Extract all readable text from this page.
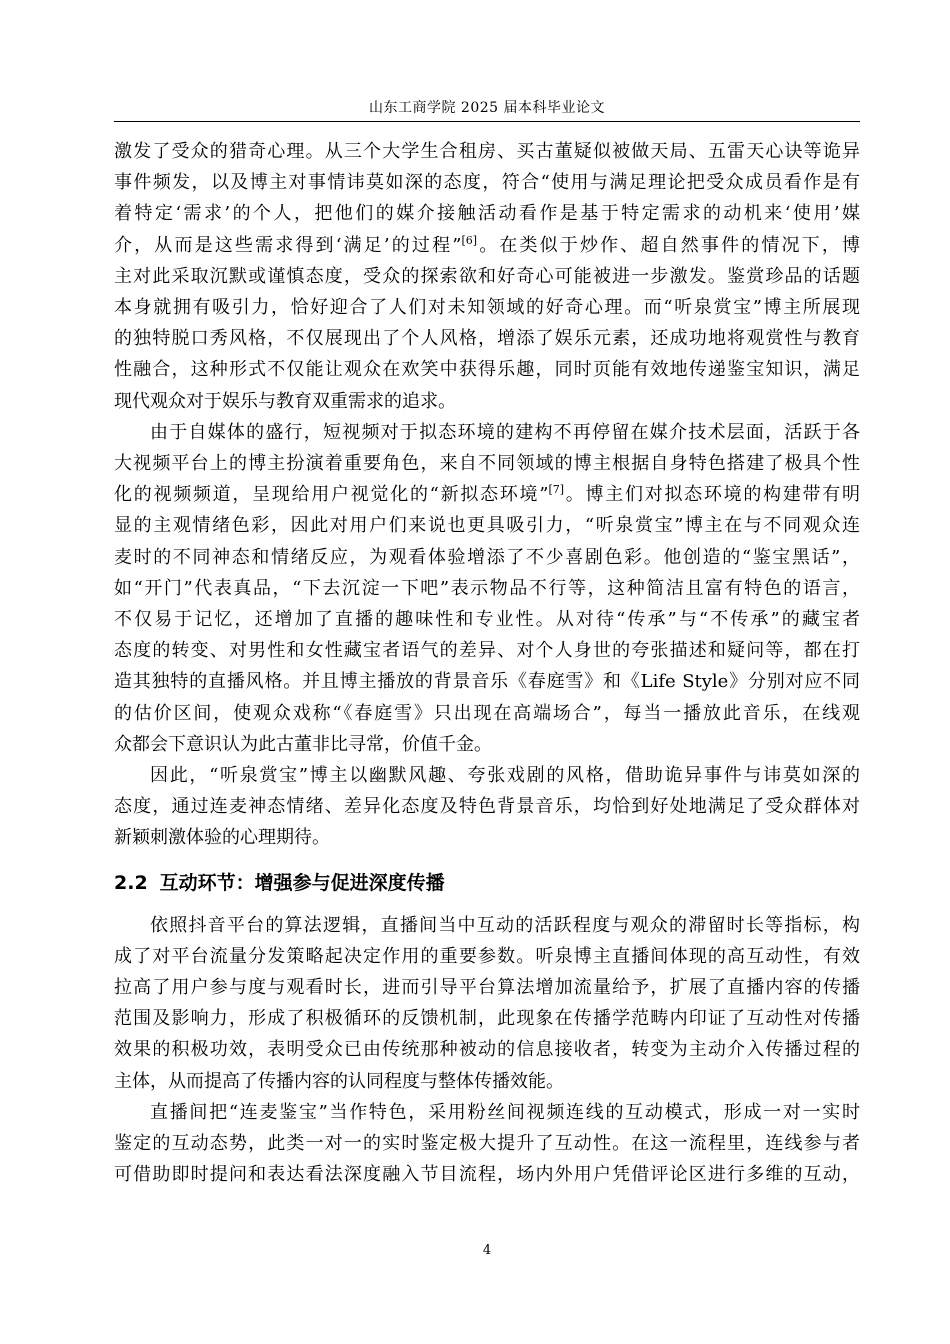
山东工商学院 2025 届本科毕业论文

激发了受众的猎奇心理。从三个大学生合租房、买古董疑似被做天局、五雷天心诀等诡异
事件频发，以及博主对事情讳莫如深的态度，符合“使用与满足理论把受众成员看作是有
着特定‘需求’的个人，把他们的媒介接触活动看作是基于特定需求的动机来‘使用’媒
介，从而是这些需求得到‘满足’的过程”[6]。在类似于炒作、超自然事件的情况下，博
主对此采取沉默或谨慎态度，受众的探索欲和好奇心可能被进一步激发。鉴赏珍品的话题
本身就拥有吸引力，恰好迎合了人们对未知领域的好奇心理。而“听泉赏宝”博主所展现
的独特脱口秀风格，不仅展现出了个人风格，增添了娱乐元素，还成功地将观赏性与教育
性融合，这种形式不仅能让观众在欢笑中获得乐趣，同时页能有效地传递鉴宝知识，满足
现代观众对于娱乐与教育双重需求的追求。

由于自媒体的盛行，短视频对于拟态环境的建构不再停留在媒介技术层面，活跃于各
大视频平台上的博主扮演着重要角色，来自不同领域的博主根据自身特色搭建了极具个性
化的视频频道，呈现给用户视觉化的“新拟态环境”[7]。博主们对拟态环境的构建带有明
显的主观情绪色彩，因此对用户们来说也更具吸引力，“听泉赏宝”博主在与不同观众连
麦时的不同神态和情绪反应，为观看体验增添了不少喜剧色彩。他创造的“鉴宝黑话”，
如“开门”代表真品，“下去沉淀一下吧”表示物品不行等，这种简洁且富有特色的语言，
不仅易于记忆，还增加了直播的趣味性和专业性。从对待“传承”与“不传承”的藏宝者
态度的转变、对男性和女性藏宝者语气的差异、对个人身世的夸张描述和疑问等，都在打
造其独特的直播风格。并且博主播放的背景音乐《春庭雪》和《Life Style》分别对应不同
的估价区间，使观众戏称“《春庭雪》只出现在高端场合”，每当一播放此音乐，在线观
众都会下意识认为此古董非比寻常，价值千金。

因此，“听泉赏宝”博主以幽默风趣、夸张戏剧的风格，借助诡异事件与讳莫如深的
态度，通过连麦神态情绪、差异化态度及特色背景音乐，均恰到好处地满足了受众群体对
新颖刺激体验的心理期待。

2.2 互动环节：增强参与促进深度传播

依照抖音平台的算法逻辑，直播间当中互动的活跃程度与观众的滞留时长等指标，构
成了对平台流量分发策略起决定作用的重要参数。听泉博主直播间体现的高互动性，有效
拉高了用户参与度与观看时长，进而引导平台算法增加流量给予，扩展了直播内容的传播
范围及影响力，形成了积极循环的反馈机制，此现象在传播学范畴内印证了互动性对传播
效果的积极功效，表明受众已由传统那种被动的信息接收者，转变为主动介入传播过程的
主体，从而提高了传播内容的认同程度与整体传播效能。

直播间把“连麦鉴宝”当作特色，采用粉丝间视频连线的互动模式，形成一对一实时
鉴定的互动态势，此类一对一的实时鉴定极大提升了互动性。在这一流程里，连线参与者
可借助即时提问和表达看法深度融入节目流程，场内外用户凭借评论区进行多维的互动，

4
